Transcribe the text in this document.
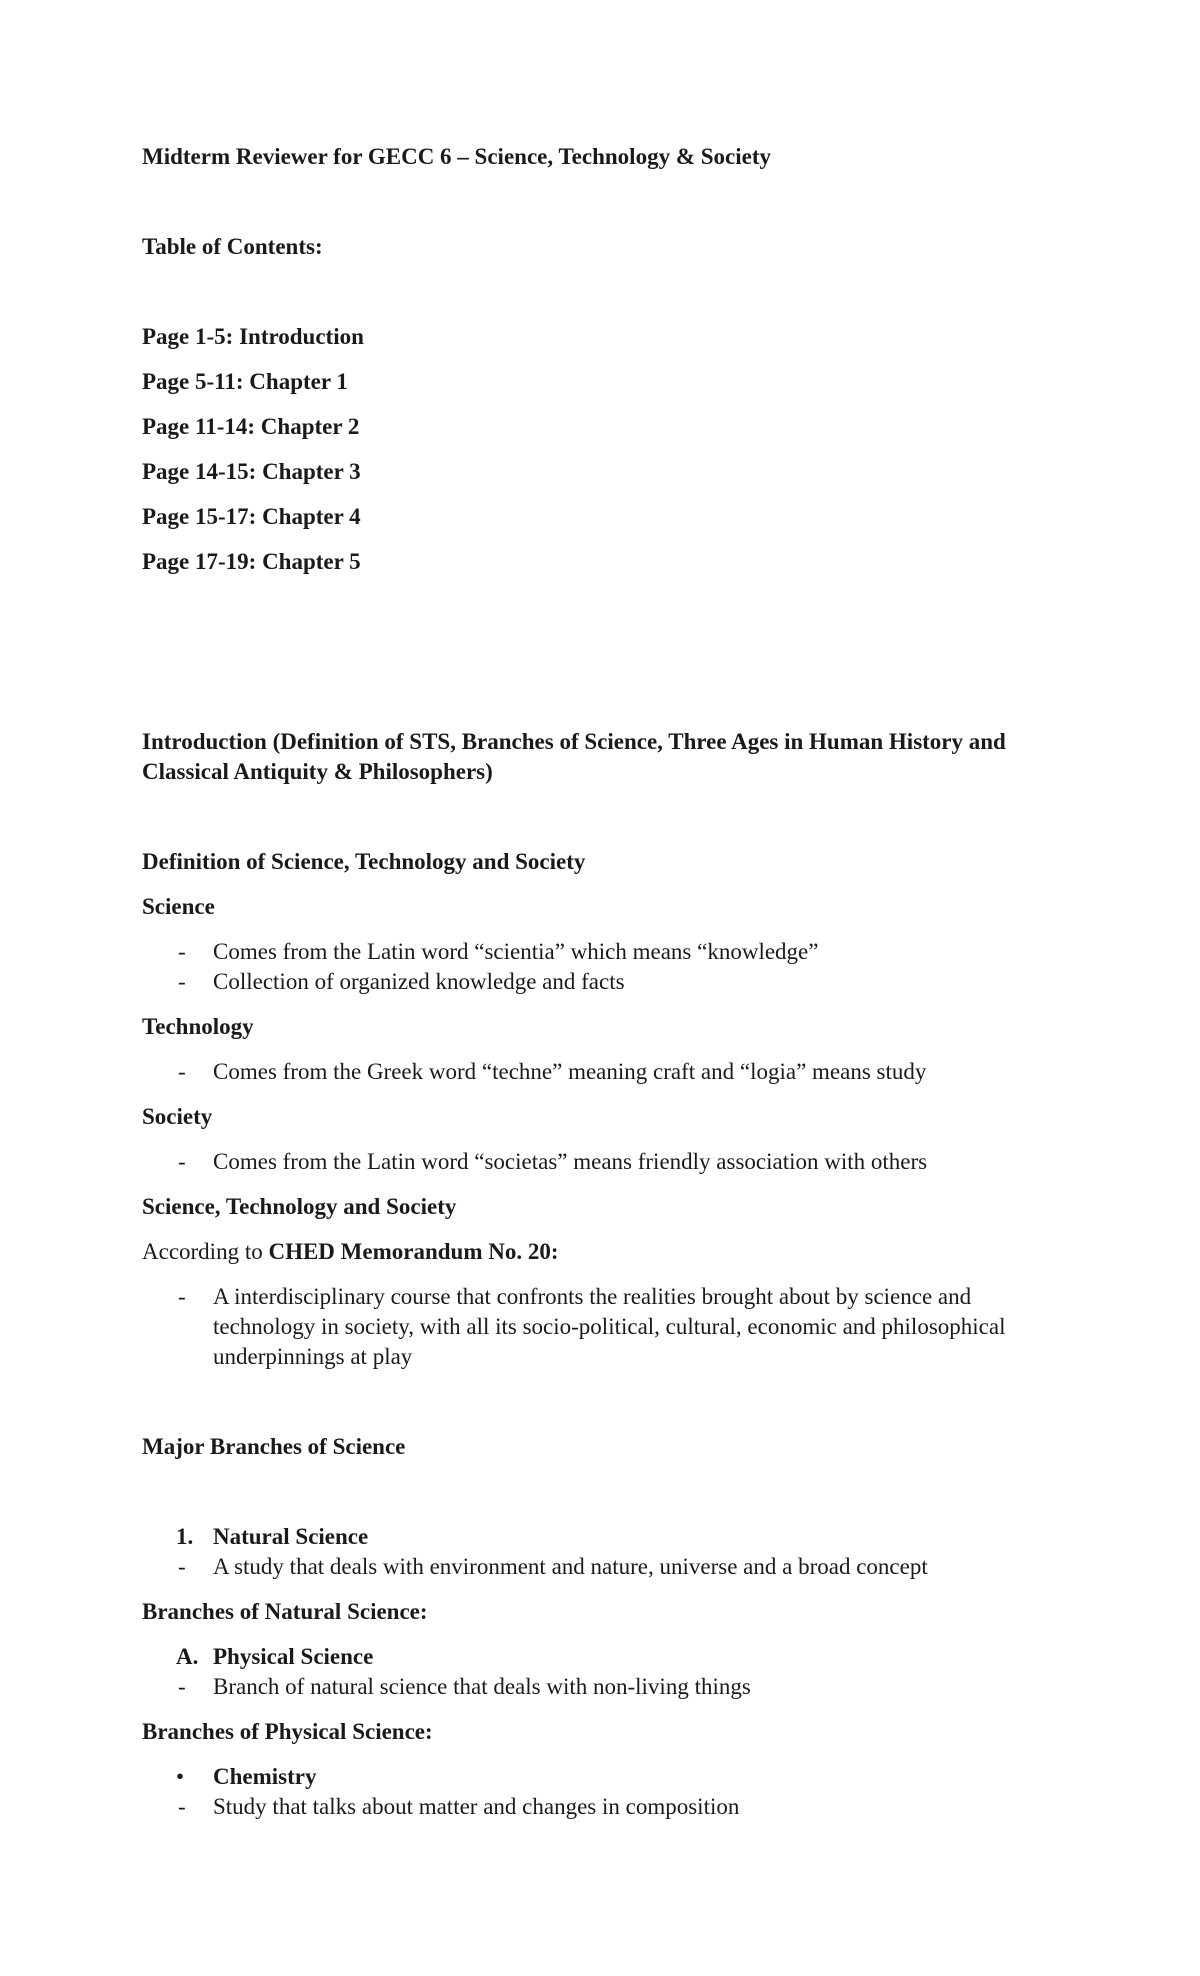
Midterm Reviewer for GECC 6 – Science, Technology & Society
Table of Contents:
Page 1-5: Introduction
Page 5-11: Chapter 1
Page 11-14: Chapter 2
Page 14-15: Chapter 3
Page 15-17: Chapter 4
Page 17-19: Chapter 5
Introduction (Definition of STS, Branches of Science, Three Ages in Human History and
Classical Antiquity & Philosophers)
Definition of Science, Technology and Society
Science
- Comes from the Latin word “scientia” which means “knowledge”
- Collection of organized knowledge and facts
Technology
- Comes from the Greek word “techne” meaning craft and “logia” means study
Society
- Comes from the Latin word “societas” means friendly association with others
Science, Technology and Society
According to CHED Memorandum No. 20:
- A interdisciplinary course that confronts the realities brought about by science and
technology in society, with all its socio-political, cultural, economic and philosophical
underpinnings at play
Major Branches of Science
1. Natural Science
- A study that deals with environment and nature, universe and a broad concept
Branches of Natural Science:
A. Physical Science
- Branch of natural science that deals with non-living things
Branches of Physical Science:
• Chemistry
- Study that talks about matter and changes in composition
